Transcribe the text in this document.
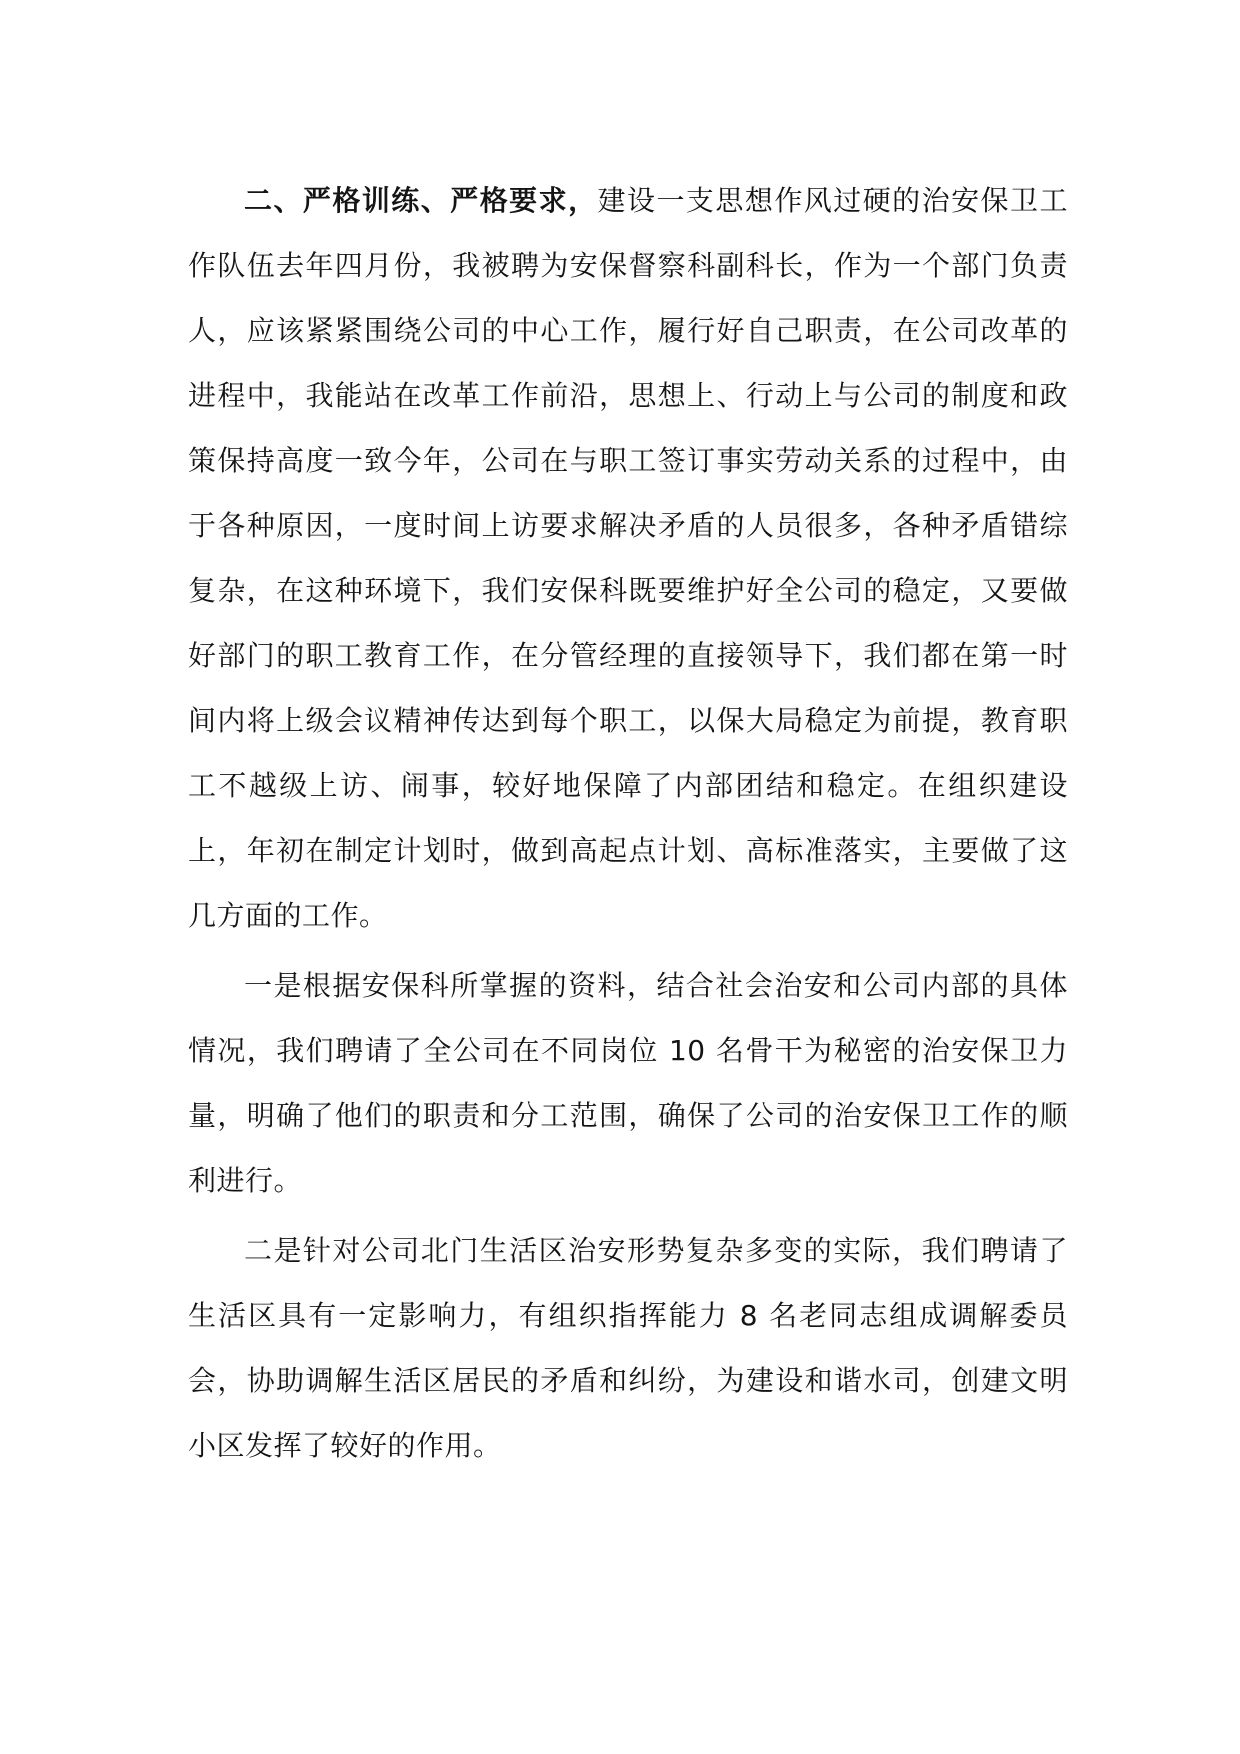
二、严格训练、严格要求，建设一支思想作风过硬的治安保卫工作队伍去年四月份，我被聘为安保督察科副科长，作为一个部门负责人，应该紧紧围绕公司的中心工作，履行好自己职责，在公司改革的进程中，我能站在改革工作前沿，思想上、行动上与公司的制度和政策保持高度一致今年，公司在与职工签订事实劳动关系的过程中，由于各种原因，一度时间上访要求解决矛盾的人员很多，各种矛盾错综复杂，在这种环境下，我们安保科既要维护好全公司的稳定，又要做好部门的职工教育工作，在分管经理的直接领导下，我们都在第一时间内将上级会议精神传达到每个职工，以保大局稳定为前提，教育职工不越级上访、闹事，较好地保障了内部团结和稳定。在组织建设上，年初在制定计划时，做到高起点计划、高标准落实，主要做了这几方面的工作。

一是根据安保科所掌握的资料，结合社会治安和公司内部的具体情况，我们聘请了全公司在不同岗位 10 名骨干为秘密的治安保卫力量，明确了他们的职责和分工范围，确保了公司的治安保卫工作的顺利进行。

二是针对公司北门生活区治安形势复杂多变的实际，我们聘请了生活区具有一定影响力，有组织指挥能力 8 名老同志组成调解委员会，协助调解生活区居民的矛盾和纠纷，为建设和谐水司，创建文明小区发挥了较好的作用。
